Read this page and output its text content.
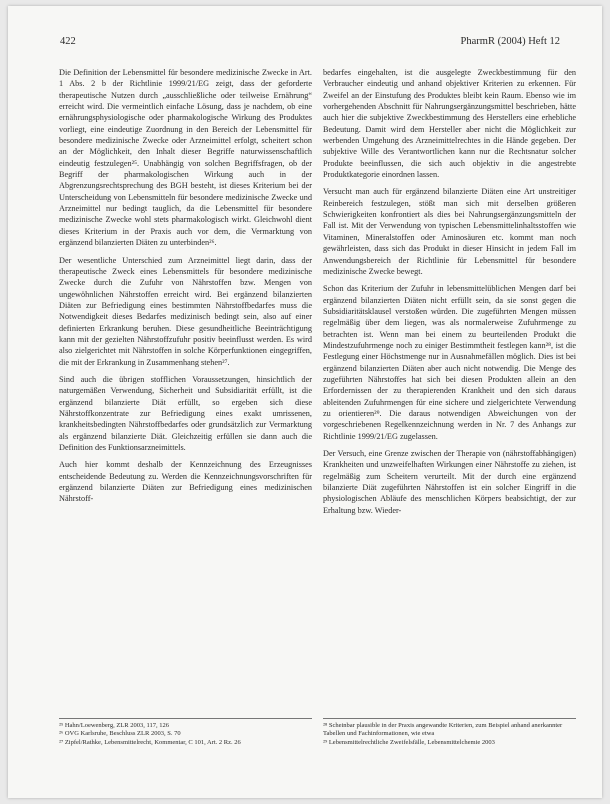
422	PharmR (2004) Heft 12

Die Definition der Lebensmittel für besondere medizinische Zwecke in Art. 1 Abs. 2 b der Richtlinie 1999/21/EG zeigt, dass der geforderte therapeutische Nutzen durch „ausschließliche oder teilweise Ernährung“ erreicht wird. Die vermeintlich einfache Lösung, dass je nachdem, ob eine ernährungsphysiologische oder pharmakologische Wirkung des Produktes vorliegt, eine eindeutige Zuordnung in den Bereich der Lebensmittel für besondere medizinische Zwecke oder Arzneimittel erfolgt, scheitert schon an der Möglichkeit, den Inhalt dieser Begriffe naturwissenschaftlich eindeutig festzulegen²⁵. Unabhängig von solchen Begriffsfragen, ob der Begriff der pharmakologischen Wirkung auch in der Abgrenzungsrechtsprechung des BGH besteht, ist dieses Kriterium bei der Unterscheidung von Lebensmitteln für besondere medizinische Zwecke und Arzneimittel nur bedingt tauglich, da die Lebensmittel für besondere medizinische Zwecke wohl stets pharmakologisch wirkt. Gleichwohl dient dieses Kriterium in der Praxis auch vor dem, die Vermarktung von ergänzend bilanzierten Diäten zu unterbinden²⁶.

Der wesentliche Unterschied zum Arzneimittel liegt darin, dass der therapeutische Zweck eines Lebensmittels für besondere medizinische Zwecke durch die Zufuhr von Nährstoffen bzw. Mengen von ungewöhnlichen Nährstoffen erreicht wird. Bei ergänzend bilanzierten Diäten zur Befriedigung eines bestimmten Nährstoffbedarfes muss die Notwendigkeit dieses Bedarfes medizinisch bedingt sein, also auf einer definierten Erkrankung beruhen. Diese gesundheitliche Beeinträchtigung kann mit der gezielten Nährstoffzufuhr positiv beeinflusst werden. Es wird also zielgerichtet mit Nährstoffen in solche Körperfunktionen eingegriffen, die mit der Erkrankung in Zusammenhang stehen²⁷.

Sind auch die übrigen stofflichen Voraussetzungen, hinsichtlich der naturgemäßen Verwendung, Sicherheit und Subsidiarität erfüllt, ist die ergänzend bilanzierte Diät erfüllt, so ergeben sich diese Nährstoffkonzentrate zur Befriedigung eines exakt umrissenen, krankheitsbedingten Nährstoffbedarfes oder grundsätzlich zur Vermarktung als ergänzend bilanzierte Diät. Gleichzeitig erfüllen sie dann auch die Definition des Funktionsarzneimittels.

Auch hier kommt deshalb der Kennzeichnung des Erzeugnisses entscheidende Bedeutung zu. Werden die Kennzeichnungsvorschriften für ergänzend bilanzierte Diäten zur Befriedigung eines medizinischen Nährstoff-

bedarfes eingehalten, ist die ausgelegte Zweckbestimmung für den Verbraucher eindeutig und anhand objektiver Kriterien zu erkennen. Für Zweifel an der Einstufung des Produktes bleibt kein Raum. Ebenso wie im vorhergehenden Abschnitt für Nahrungsergänzungsmittel beschrieben, hätte auch hier die subjektive Zweckbestimmung des Herstellers eine erhebliche Bedeutung. Damit wird dem Hersteller aber nicht die Möglichkeit zur werbenden Umgehung des Arzneimittelrechtes in die Hände gegeben. Der subjektive Wille des Verantwortlichen kann nur die Rechtsnatur solcher Produkte beeinflussen, die sich auch objektiv in die angestrebte Produktkategorie einordnen lassen.

Versucht man auch für ergänzend bilanzierte Diäten eine Art unstreitiger Reinbereich festzulegen, stößt man sich mit derselben größeren Schwierigkeiten konfrontiert als dies bei Nahrungsergänzungsmitteln der Fall ist. Mit der Verwendung von typischen Lebensmittelinhaltsstoffen wie Vitaminen, Mineralstoffen oder Aminosäuren etc. kommt man noch gewährleisten, dass sich das Produkt in dieser Hinsicht in jedem Fall im Anwendungsbereich der Richtlinie für Lebensmittel für besondere medizinische Zwecke bewegt.

Schon das Kriterium der Zufuhr in lebensmittelüblichen Mengen darf bei ergänzend bilanzierten Diäten nicht erfüllt sein, da sie sonst gegen die Subsidiaritätsklausel verstoßen würden. Die zugeführten Mengen müssen regelmäßig über dem liegen, was als normalerweise Zufuhrmenge zu betrachten ist. Wenn man bei einem zu beurteilenden Produkt die Mindestzufuhrmenge noch zu einiger Bestimmtheit festlegen kann²⁸, ist die Festlegung einer Höchstmenge nur in Ausnahmefällen möglich. Dies ist bei ergänzend bilanzierten Diäten aber auch nicht notwendig. Die Menge des zugeführten Nährstoffes hat sich bei diesen Produkten allein an den Erfordernissen der zu therapierenden Krankheit und den sich daraus ableitenden Zufuhrmengen für eine sichere und zielgerichtete Verwendung zu orientieren²⁹. Die daraus notwendigen Abweichungen von der vorgeschriebenen Regelkennzeichnung werden in Nr. 7 des Anhangs zur Richtlinie 1999/21/EG zugelassen.

Der Versuch, eine Grenze zwischen der Therapie von (nährstoffabhängigen) Krankheiten und unzweifelhaften Wirkungen einer Nährstoffe zu ziehen, ist regelmäßig zum Scheitern verurteilt. Mit der durch eine ergänzend bilanzierte Diät zugeführten Nährstoffen ist ein solcher Eingriff in die physiologischen Abläufe des menschlichen Körpers beabsichtigt, der zur Erhaltung bzw. Wieder-

²⁵ Hahn/Loewenberg, ZLR 2003, 117, 126
²⁶ OVG Karlsruhe, Beschluss ZLR 2003, S. 70
²⁷ Zipfel/Rathke, Lebensmittelrecht, Kommentar, C 101, Art. 2 Rz. 26
²⁸ Scheinbar plausible in der Praxis angewandte Kriterien, zum Beispiel anhand anerkannter Tabellen und Fachinformationen, wie etwa
²⁹ Lebensmittelrechtliche Zweifelsfälle, Lebensmittelchemie 2003
